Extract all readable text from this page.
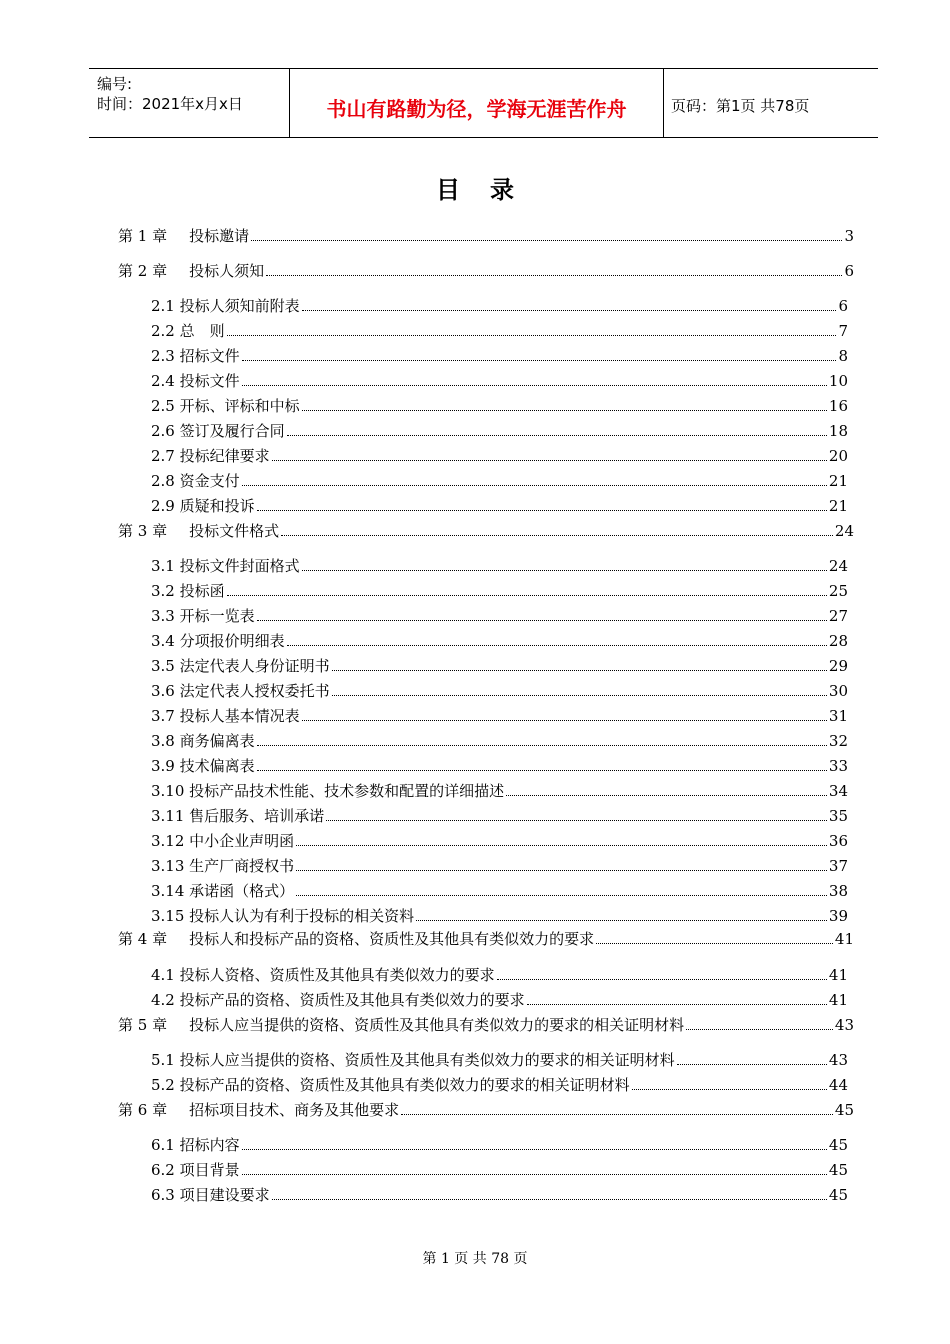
编号:
时间：2021年x月x日	书山有路勤为径，学海无涯苦作舟	页码：第1页 共78页
目录
第 1 章 投标邀请	3
第 2 章 投标人须知	6
2.1 投标人须知前附表	6
2.2 总　则	7
2.3 招标文件	8
2.4 投标文件	10
2.5 开标、评标和中标	16
2.6 签订及履行合同	18
2.7 投标纪律要求	20
2.8 资金支付	21
2.9 质疑和投诉	21
第 3 章 投标文件格式	24
3.1 投标文件封面格式	24
3.2 投标函	25
3.3 开标一览表	27
3.4 分项报价明细表	28
3.5 法定代表人身份证明书	29
3.6 法定代表人授权委托书	30
3.7 投标人基本情况表	31
3.8 商务偏离表	32
3.9 技术偏离表	33
3.10 投标产品技术性能、技术参数和配置的详细描述	34
3.11 售后服务、培训承诺	35
3.12 中小企业声明函	36
3.13 生产厂商授权书	37
3.14 承诺函（格式）	38
3.15 投标人认为有利于投标的相关资料	39
第 4 章 投标人和投标产品的资格、资质性及其他具有类似效力的要求	41
4.1 投标人资格、资质性及其他具有类似效力的要求	41
4.2 投标产品的资格、资质性及其他具有类似效力的要求	41
第 5 章 投标人应当提供的资格、资质性及其他具有类似效力的要求的相关证明材料	43
5.1 投标人应当提供的资格、资质性及其他具有类似效力的要求的相关证明材料	43
5.2 投标产品的资格、资质性及其他具有类似效力的要求的相关证明材料	44
第 6 章 招标项目技术、商务及其他要求	45
6.1 招标内容	45
6.2 项目背景	45
6.3 项目建设要求	45
第 1 页 共 78 页
